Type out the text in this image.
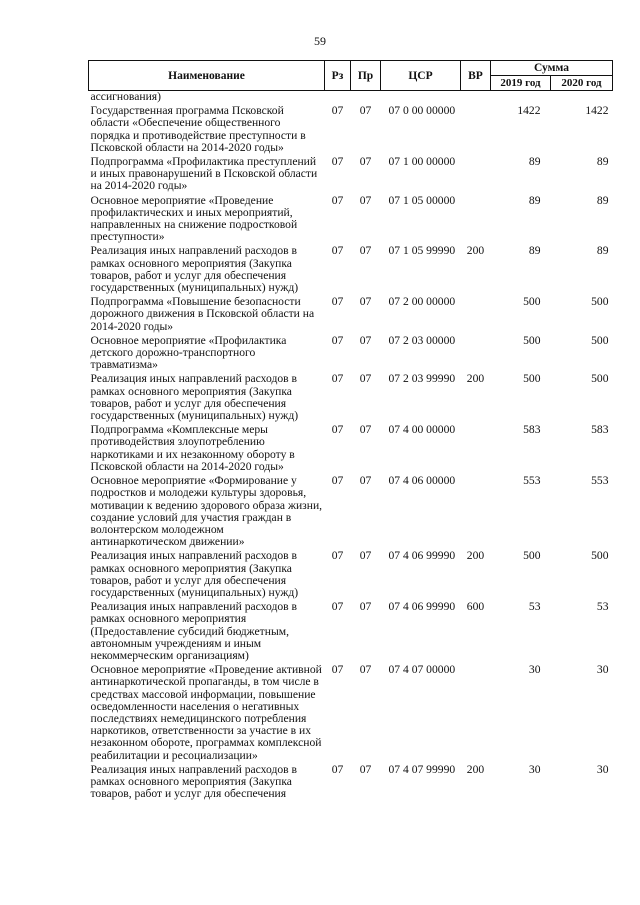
59
Наименование	Рз	Пр	ЦСР	ВР	Сумма	
					2019 год	2020 год
ассигнования)						
Государственная программа Псковской области «Обеспечение общественного порядка и противодействие преступности в Псковской области на 2014-2020 годы»	07	07	07 0 00 00000		1422	1422
Подпрограмма «Профилактика преступлений и иных правонарушений в Псковской области на 2014-2020 годы»	07	07	07 1 00 00000		89	89
Основное мероприятие «Проведение профилактических и иных мероприятий, направленных на снижение подростковой преступности»	07	07	07 1 05 00000		89	89
Реализация иных направлений расходов в рамках основного мероприятия (Закупка товаров, работ и услуг для обеспечения государственных (муниципальных) нужд)	07	07	07 1 05 99990	200	89	89
Подпрограмма «Повышение безопасности дорожного движения в Псковской области на 2014-2020 годы»	07	07	07 2 00 00000		500	500
Основное мероприятие «Профилактика детского дорожно-транспортного травматизма»	07	07	07 2 03 00000		500	500
Реализация иных направлений расходов в рамках основного мероприятия (Закупка товаров, работ и услуг для обеспечения государственных (муниципальных) нужд)	07	07	07 2 03 99990	200	500	500
Подпрограмма «Комплексные меры противодействия злоупотреблению наркотиками и их незаконному обороту в Псковской области на 2014-2020 годы»	07	07	07 4 00 00000		583	583
Основное мероприятие «Формирование у подростков и молодежи культуры здоровья, мотивации к ведению здорового образа жизни, создание условий для участия граждан в волонтерском молодежном антинаркотическом движении»	07	07	07 4 06 00000		553	553
Реализация иных направлений расходов в рамках основного мероприятия (Закупка товаров, работ и услуг для обеспечения государственных (муниципальных) нужд)	07	07	07 4 06 99990	200	500	500
Реализация иных направлений расходов в рамках основного мероприятия (Предоставление субсидий бюджетным, автономным учреждениям и иным некоммерческим организациям)	07	07	07 4 06 99990	600	53	53
Основное мероприятие «Проведение активной антинаркотической пропаганды, в том числе в средствах массовой информации, повышение осведомленности населения о негативных последствиях немедицинского потребления наркотиков, ответственности за участие в их незаконном обороте, программах комплексной реабилитации и ресоциализации»	07	07	07 4 07 00000		30	30
Реализация иных направлений расходов в рамках основного мероприятия (Закупка товаров, работ и услуг для обеспечения	07	07	07 4 07 99990	200	30	30
